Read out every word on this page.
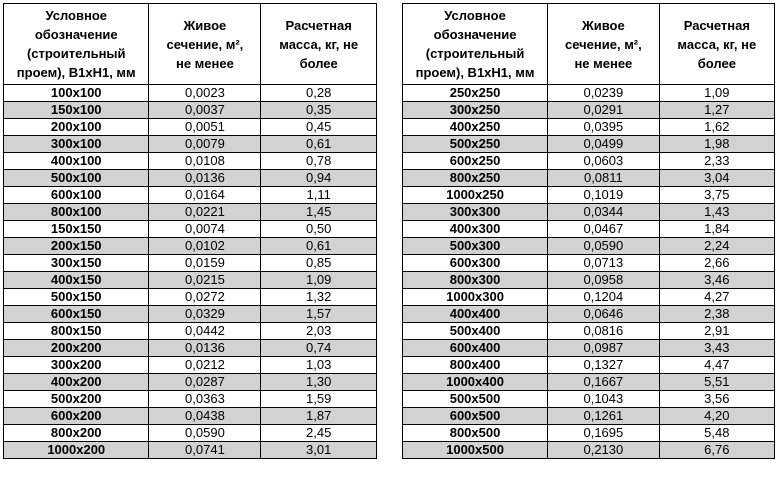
Условное
обозначение
(строительный
проем), В1хН1, мм	Живое
сечение, м²,
не менее	Расчетная
масса, кг, не
более
100х100	0,0023	0,28
150х100	0,0037	0,35
200х100	0,0051	0,45
300х100	0,0079	0,61
400х100	0,0108	0,78
500х100	0,0136	0,94
600х100	0,0164	1,11
800х100	0,0221	1,45
150х150	0,0074	0,50
200х150	0,0102	0,61
300х150	0,0159	0,85
400х150	0,0215	1,09
500х150	0,0272	1,32
600х150	0,0329	1,57
800х150	0,0442	2,03
200х200	0,0136	0,74
300х200	0,0212	1,03
400х200	0,0287	1,30
500х200	0,0363	1,59
600х200	0,0438	1,87
800х200	0,0590	2,45
1000х200	0,0741	3,01
Условное
обозначение
(строительный
проем), В1хН1, мм	Живое
сечение, м²,
не менее	Расчетная
масса, кг, не
более
250х250	0,0239	1,09
300х250	0,0291	1,27
400х250	0,0395	1,62
500х250	0,0499	1,98
600х250	0,0603	2,33
800х250	0,0811	3,04
1000х250	0,1019	3,75
300х300	0,0344	1,43
400х300	0,0467	1,84
500х300	0,0590	2,24
600х300	0,0713	2,66
800х300	0,0958	3,46
1000х300	0,1204	4,27
400х400	0,0646	2,38
500х400	0,0816	2,91
600х400	0,0987	3,43
800х400	0,1327	4,47
1000х400	0,1667	5,51
500х500	0,1043	3,56
600х500	0,1261	4,20
800х500	0,1695	5,48
1000х500	0,2130	6,76
